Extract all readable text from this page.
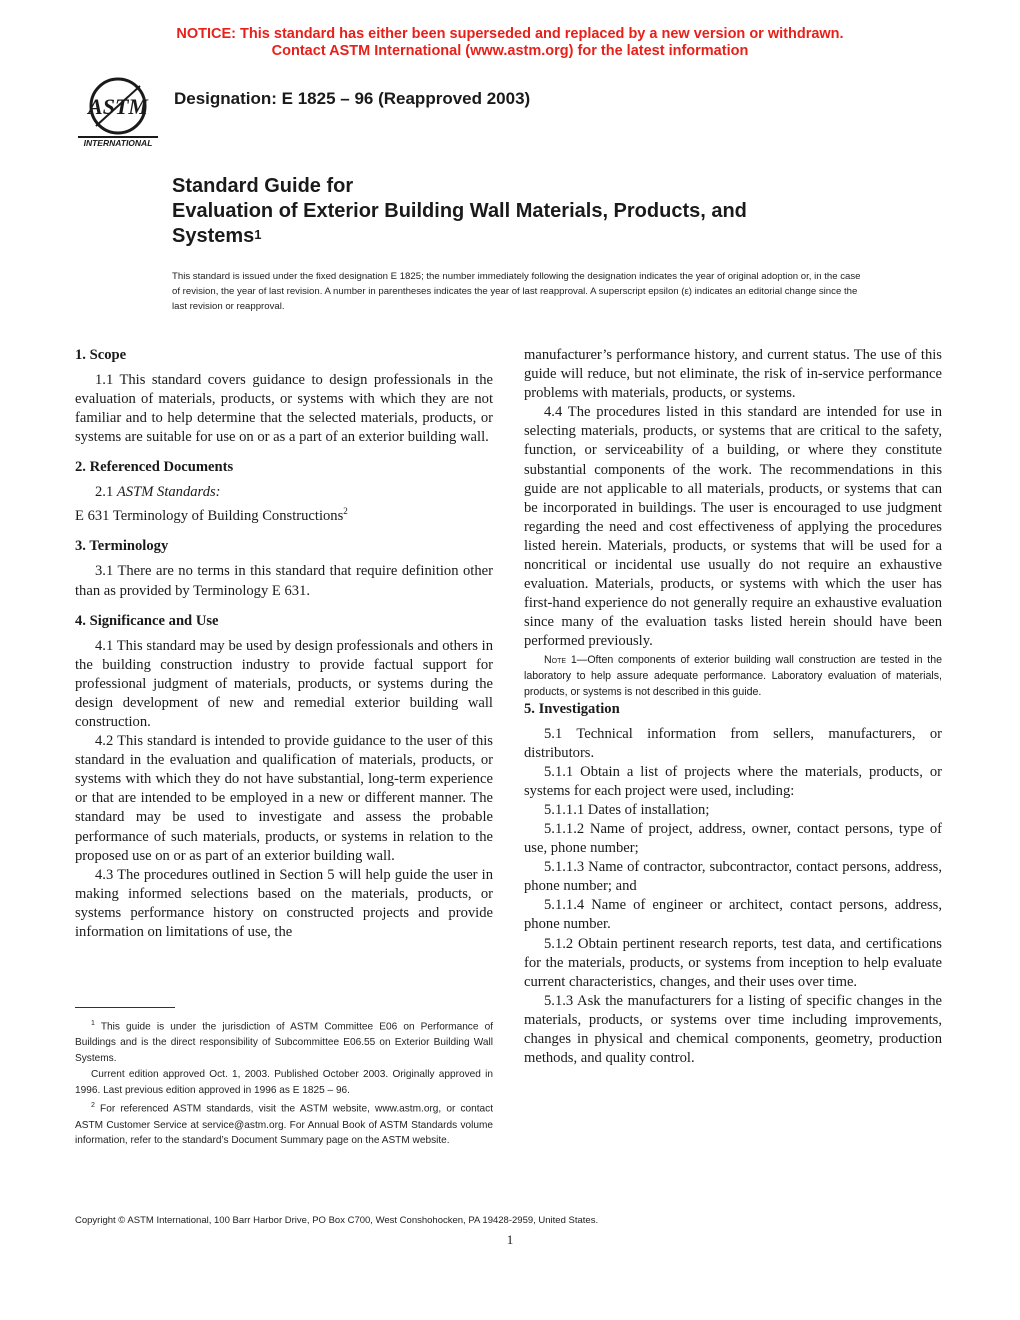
NOTICE: This standard has either been superseded and replaced by a new version or withdrawn.
Contact ASTM International (www.astm.org) for the latest information
ASTM
INTERNATIONAL
Designation: E 1825 – 96 (Reapproved 2003)
Standard Guide for
Evaluation of Exterior Building Wall Materials, Products, and
Systems$^1$
This standard is issued under the fixed designation E 1825; the number immediately following the designation indicates the year of original adoption or, in the case of revision, the year of last revision. A number in parentheses indicates the year of last reapproval. A superscript epsilon (ε) indicates an editorial change since the last revision or reapproval.
1. Scope

1.1 This standard covers guidance to design professionals in the evaluation of materials, products, or systems with which they are not familiar and to help determine that the selected materials, products, or systems are suitable for use on or as a part of an exterior building wall.

2. Referenced Documents

2.1 ASTM Standards:

E 631 Terminology of Building Constructions$^2$

3. Terminology

3.1 There are no terms in this standard that require definition other than as provided by Terminology E 631.

4. Significance and Use

4.1 This standard may be used by design professionals and others in the building construction industry to provide factual support for professional judgment of materials, products, or systems during the design development of new and remedial exterior building wall construction.

4.2 This standard is intended to provide guidance to the user of this standard in the evaluation and qualification of materials, products, or systems with which they do not have substantial, long-term experience or that are intended to be employed in a new or different manner. The standard may be used to investigate and assess the probable performance of such materials, products, or systems in relation to the proposed use on or as part of an exterior building wall.

4.3 The procedures outlined in Section 5 will help guide the user in making informed selections based on the materials, products, or systems performance history on constructed projects and provide information on limitations of use, the

manufacturer’s performance history, and current status. The use of this guide will reduce, but not eliminate, the risk of in-service performance problems with materials, products, or systems.

4.4 The procedures listed in this standard are intended for use in selecting materials, products, or systems that are critical to the safety, function, or serviceability of a building, or where they constitute substantial components of the work. The recommendations in this guide are not applicable to all materials, products, or systems that can be incorporated in buildings. The user is encouraged to use judgment regarding the need and cost effectiveness of applying the procedures listed herein. Materials, products, or systems that will be used for a noncritical or incidental use usually do not require an exhaustive evaluation. Materials, products, or systems with which the user has first-hand experience do not generally require an exhaustive evaluation since many of the evaluation tasks listed herein should have been performed previously.

Note 1—Often components of exterior building wall construction are tested in the laboratory to help assure adequate performance. Laboratory evaluation of materials, products, or systems is not described in this guide.

5. Investigation

5.1 Technical information from sellers, manufacturers, or distributors.

5.1.1 Obtain a list of projects where the materials, products, or systems for each project were used, including:

5.1.1.1 Dates of installation;

5.1.1.2 Name of project, address, owner, contact persons, type of use, phone number;

5.1.1.3 Name of contractor, subcontractor, contact persons, address, phone number; and

5.1.1.4 Name of engineer or architect, contact persons, address, phone number.

5.1.2 Obtain pertinent research reports, test data, and certifications for the materials, products, or systems from inception to help evaluate current characteristics, changes, and their uses over time.

5.1.3 Ask the manufacturers for a listing of specific changes in the materials, products, or systems over time including improvements, changes in physical and chemical components, geometry, production methods, and quality control.

$^1$ This guide is under the jurisdiction of ASTM Committee E06 on Performance of Buildings and is the direct responsibility of Subcommittee E06.55 on Exterior Building Wall Systems.

Current edition approved Oct. 1, 2003. Published October 2003. Originally approved in 1996. Last previous edition approved in 1996 as E 1825 – 96.

$^2$ For referenced ASTM standards, visit the ASTM website, www.astm.org, or contact ASTM Customer Service at service@astm.org. For Annual Book of ASTM Standards volume information, refer to the standard’s Document Summary page on the ASTM website.

Copyright © ASTM International, 100 Barr Harbor Drive, PO Box C700, West Conshohocken, PA 19428-2959, United States.
1
